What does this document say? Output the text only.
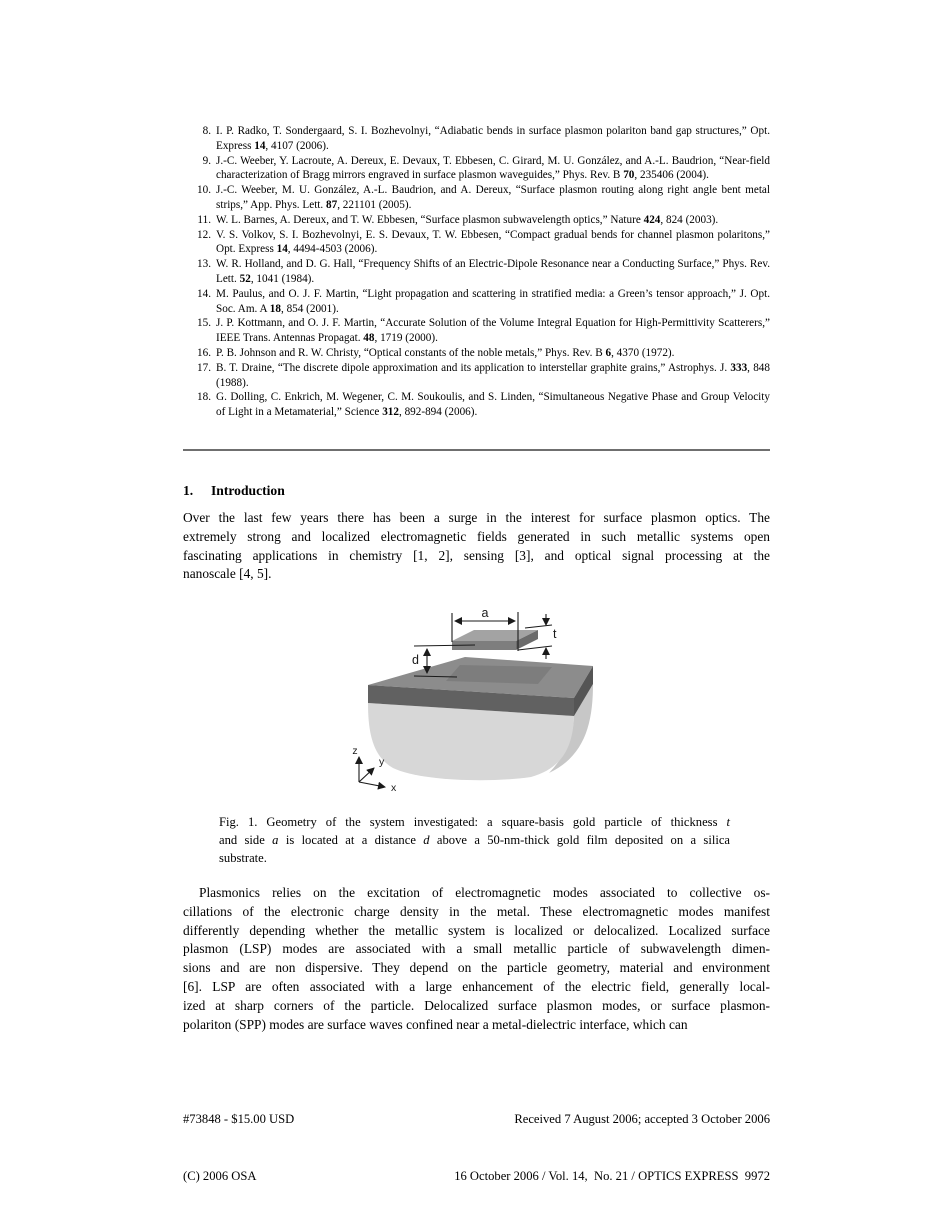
8. I. P. Radko, T. Sondergaard, S. I. Bozhevolnyi, “Adiabatic bends in surface plasmon polariton band gap structures,” Opt. Express 14, 4107 (2006).
9. J.-C. Weeber, Y. Lacroute, A. Dereux, E. Devaux, T. Ebbesen, C. Girard, M. U. González, and A.-L. Baudrion, “Near-field characterization of Bragg mirrors engraved in surface plasmon waveguides,” Phys. Rev. B 70, 235406 (2004).
10. J.-C. Weeber, M. U. González, A.-L. Baudrion, and A. Dereux, “Surface plasmon routing along right angle bent metal strips,” App. Phys. Lett. 87, 221101 (2005).
11. W. L. Barnes, A. Dereux, and T. W. Ebbesen, “Surface plasmon subwavelength optics,” Nature 424, 824 (2003).
12. V. S. Volkov, S. I. Bozhevolnyi, E. S. Devaux, T. W. Ebbesen, “Compact gradual bends for channel plasmon polaritons,” Opt. Express 14, 4494-4503 (2006).
13. W. R. Holland, and D. G. Hall, “Frequency Shifts of an Electric-Dipole Resonance near a Conducting Surface,” Phys. Rev. Lett. 52, 1041 (1984).
14. M. Paulus, and O. J. F. Martin, “Light propagation and scattering in stratified media: a Green’s tensor approach,” J. Opt. Soc. Am. A 18, 854 (2001).
15. J. P. Kottmann, and O. J. F. Martin, “Accurate Solution of the Volume Integral Equation for High-Permittivity Scatterers,” IEEE Trans. Antennas Propagat. 48, 1719 (2000).
16. P. B. Johnson and R. W. Christy, “Optical constants of the noble metals,” Phys. Rev. B 6, 4370 (1972).
17. B. T. Draine, “The discrete dipole approximation and its application to interstellar graphite grains,” Astrophys. J. 333, 848 (1988).
18. G. Dolling, C. Enkrich, M. Wegener, C. M. Soukoulis, and S. Linden, “Simultaneous Negative Phase and Group Velocity of Light in a Metamaterial,” Science 312, 892-894 (2006).
1. Introduction
Over the last few years there has been a surge in the interest for surface plasmon optics. The
extremely strong and localized electromagnetic fields generated in such metallic systems open
fascinating applications in chemistry [1, 2], sensing [3], and optical signal processing at the
nanoscale [4, 5].
a
t
d
z
y
x
Fig. 1. Geometry of the system investigated: a square-basis gold particle of thickness t
and side a is located at a distance d above a 50-nm-thick gold film deposited on a silica
substrate.
Plasmonics relies on the excitation of electromagnetic modes associated to collective os-
cillations of the electronic charge density in the metal. These electromagnetic modes manifest
differently depending whether the metallic system is localized or delocalized. Localized surface
plasmon (LSP) modes are associated with a small metallic particle of subwavelength dimen-
sions and are non dispersive. They depend on the particle geometry, material and environment
[6]. LSP are often associated with a large enhancement of the electric field, generally local-
ized at sharp corners of the particle. Delocalized surface plasmon modes, or surface plasmon-
polariton (SPP) modes are surface waves confined near a metal-dielectric interface, which can

#73848 - $15.00 USD

(C) 2006 OSA

Received 7 August 2006; accepted 3 October 2006

16 October 2006 / Vol. 14,  No. 21 / OPTICS EXPRESS  9972
